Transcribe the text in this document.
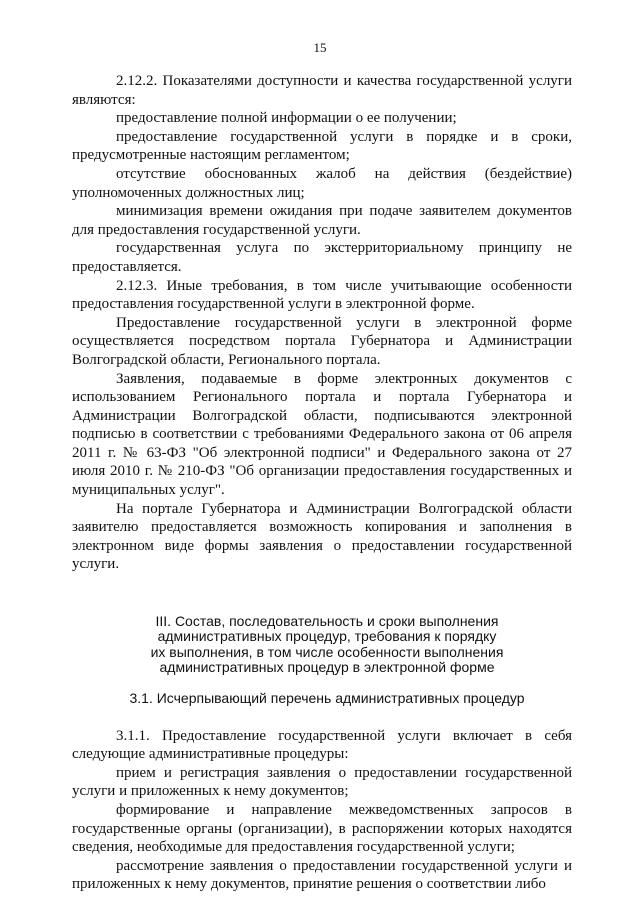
15

2.12.2. Показателями доступности и качества государственной услуги являются:

предоставление полной информации о ее получении;

предоставление государственной услуги в порядке и в сроки, предусмотренные настоящим регламентом;

отсутствие обоснованных жалоб на действия (бездействие) уполномоченных должностных лиц;

минимизация времени ожидания при подаче заявителем документов для предоставления государственной услуги.

государственная услуга по экстерриториальному принципу не предоставляется.

2.12.3. Иные требования, в том числе учитывающие особенности предоставления государственной услуги в электронной форме.

Предоставление государственной услуги в электронной форме осуществляется посредством портала Губернатора и Администрации Волгоградской области, Регионального портала.

Заявления, подаваемые в форме электронных документов с использованием Регионального портала и портала Губернатора и Администрации Волгоградской области, подписываются электронной подписью в соответствии с требованиями Федерального закона от 06 апреля 2011 г. № 63-ФЗ "Об электронной подписи" и Федерального закона от 27 июля 2010 г. № 210-ФЗ "Об организации предоставления государственных и муниципальных услуг".

На портале Губернатора и Администрации Волгоградской области заявителю предоставляется возможность копирования и заполнения в электронном виде формы заявления о предоставлении государственной услуги.

III. Состав, последовательность и сроки выполнения
административных процедур, требования к порядку
их выполнения, в том числе особенности выполнения
административных процедур в электронной форме
3.1. Исчерпывающий перечень административных процедур

3.1.1. Предоставление государственной услуги включает в себя следующие административные процедуры:

прием и регистрация заявления о предоставлении государственной услуги и приложенных к нему документов;

формирование и направление межведомственных запросов в государственные органы (организации), в распоряжении которых находятся сведения, необходимые для предоставления государственной услуги;

рассмотрение заявления о предоставлении государственной услуги и приложенных к нему документов, принятие решения о соответствии либо
